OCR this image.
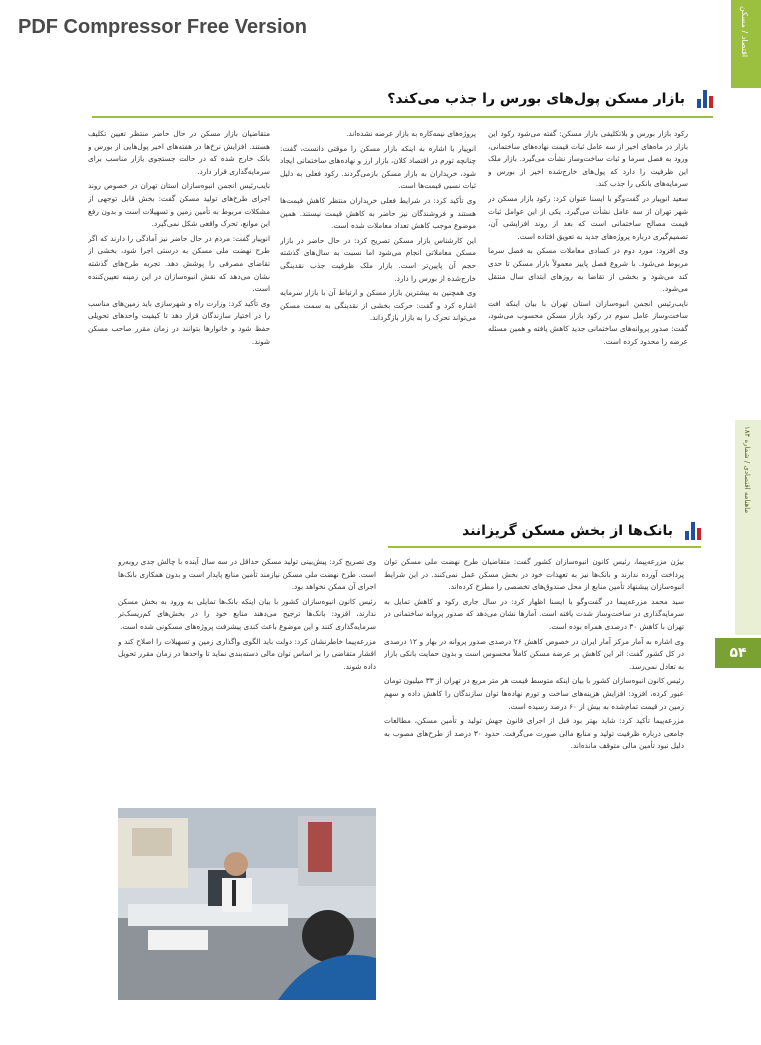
PDF Compressor Free Version	اقتصاد / مسکن
ماهنامه اقتصادی / شماره ۱۸۴
۵۴
بازار مسکن پول‌های بورس را جذب می‌کند؟

رکود بازار بورس و بلاتکلیفی بازار مسکن: گفته می‌شود رکود این بازار در ماه‌های اخیر از سه عامل ثبات قیمت نهاده‌های ساختمانی، ورود به فصل سرما و ثبات ساخت‌وساز نشأت می‌گیرد. بازار ملک این ظرفیت را دارد که پول‌های خارج‌شده اخیر از بورس و سرمایه‌های بانکی را جذب کند.

سعید انوپیار در گفت‌وگو با ایسنا عنوان کرد: رکود بازار مسکن در شهر تهران از سه عامل نشأت می‌گیرد. یکی از این عوامل ثبات قیمت مصالح ساختمانی است که بعد از روند افزایشی آن، تصمیم‌گیری درباره پروژه‌های جدید به تعویق افتاده است.

وی افزود: مورد دوم در کسادی معاملات مسکن به فصل سرما مربوط می‌شود. با شروع فصل پاییز معمولاً بازار مسکن تا حدی کند می‌شود و بخشی از تقاضا به روزهای ابتدای سال منتقل می‌شود.

نایب‌رئیس انجمن انبوه‌سازان استان تهران با بیان اینکه افت ساخت‌وساز عامل سوم در رکود بازار مسکن محسوب می‌شود، گفت: صدور پروانه‌های ساختمانی جدید کاهش یافته و همین مسئله عرضه را محدود کرده است.

پروژه‌های نیمه‌کاره به بازار عرضه نشده‌اند.

انوپیار با اشاره به اینکه بازار مسکن را موقتی دانست، گفت: چنانچه تورم در اقتصاد کلان، بازار ارز و نهاده‌های ساختمانی ایجاد شود، خریداران به بازار مسکن بازمی‌گردند. رکود فعلی به دلیل ثبات نسبی قیمت‌ها است.

وی تأکید کرد: در شرایط فعلی خریداران منتظر کاهش قیمت‌ها هستند و فروشندگان نیز حاضر به کاهش قیمت نیستند. همین موضوع موجب کاهش تعداد معاملات شده است.

این کارشناس بازار مسکن تصریح کرد: در حال حاضر در بازار مسکن معاملاتی انجام می‌شود اما نسبت به سال‌های گذشته حجم آن پایین‌تر است. بازار ملک ظرفیت جذب نقدینگی خارج‌شده از بورس را دارد.

وی همچنین به بیشترین بازار مسکن و ارتباط آن با بازار سرمایه اشاره کرد و گفت: حرکت بخشی از نقدینگی به سمت مسکن می‌تواند تحرک را به بازار بازگرداند.

متقاضیان بازار مسکن در حال حاضر منتظر تعیین تکلیف هستند. افزایش نرخ‌ها در هفته‌های اخیر پول‌هایی از بورس و بانک خارج شده که در حالت جستجوی بازار مناسب برای سرمایه‌گذاری قرار دارد.

نایب‌رئیس انجمن انبوه‌سازان استان تهران در خصوص روند اجرای طرح‌های تولید مسکن گفت: بخش قابل توجهی از مشکلات مربوط به تأمین زمین و تسهیلات است و بدون رفع این موانع، تحرک واقعی شکل نمی‌گیرد.

انوپیار گفت: مردم در حال حاضر نیز آمادگی را دارند که اگر طرح نهضت ملی مسکن به درستی اجرا شود، بخشی از تقاضای مصرفی را پوشش دهد. تجربه طرح‌های گذشته نشان می‌دهد که نقش انبوه‌سازان در این زمینه تعیین‌کننده است.

وی تأکید کرد: وزارت راه و شهرسازی باید زمین‌های مناسب را در اختیار سازندگان قرار دهد تا کیفیت واحدهای تحویلی حفظ شود و خانوارها بتوانند در زمان مقرر صاحب مسکن شوند.

بانک‌ها از بخش مسکن گریزانند

بیژن مزرعه‌پیما، رئیس کانون انبوه‌سازان کشور گفت: متقاضیان طرح نهضت ملی مسکن توان پرداخت آورده ندارند و بانک‌ها نیز به تعهدات خود در بخش مسکن عمل نمی‌کنند. در این شرایط انبوه‌سازان پیشنهاد تأمین منابع از محل صندوق‌های تخصصی را مطرح کرده‌اند.

سید محمد مزرعه‌پیما در گفت‌وگو با ایسنا اظهار کرد: در سال جاری رکود و کاهش تمایل به سرمایه‌گذاری در ساخت‌وساز شدت یافته است. آمارها نشان می‌دهد که صدور پروانه ساختمانی در تهران با کاهش ۳۰ درصدی همراه بوده است.

وی اشاره به آمار مرکز آمار ایران در خصوص کاهش ۲۶ درصدی صدور پروانه در بهار و ۱۲ درصدی در کل کشور گفت: اثر این کاهش بر عرضه مسکن کاملاً محسوس است و بدون حمایت بانکی بازار به تعادل نمی‌رسد.

رئیس کانون انبوه‌سازان کشور با بیان اینکه متوسط قیمت هر متر مربع در تهران از ۳۳ میلیون تومان عبور کرده، افزود: افزایش هزینه‌های ساخت و تورم نهاده‌ها توان سازندگان را کاهش داده و سهم زمین در قیمت تمام‌شده به بیش از ۶۰ درصد رسیده است.

مزرعه‌پیما تأکید کرد: شاید بهتر بود قبل از اجرای قانون جهش تولید و تأمین مسکن، مطالعات جامعی درباره ظرفیت تولید و منابع مالی صورت می‌گرفت. حدود ۳۰ درصد از طرح‌های مصوب به دلیل نبود تأمین مالی متوقف مانده‌اند.

وی تصریح کرد: پیش‌بینی تولید مسکن حداقل در سه سال آینده با چالش جدی روبه‌رو است. طرح نهضت ملی مسکن نیازمند تأمین منابع پایدار است و بدون همکاری بانک‌ها اجرای آن ممکن نخواهد بود.

رئیس کانون انبوه‌سازان کشور با بیان اینکه بانک‌ها تمایلی به ورود به بخش مسکن ندارند، افزود: بانک‌ها ترجیح می‌دهند منابع خود را در بخش‌های کم‌ریسک‌تر سرمایه‌گذاری کنند و این موضوع باعث کندی پیشرفت پروژه‌های مسکونی شده است.

مزرعه‌پیما خاطرنشان کرد: دولت باید الگوی واگذاری زمین و تسهیلات را اصلاح کند و اقشار متقاضی را بر اساس توان مالی دسته‌بندی نماید تا واحدها در زمان مقرر تحویل داده شوند.
